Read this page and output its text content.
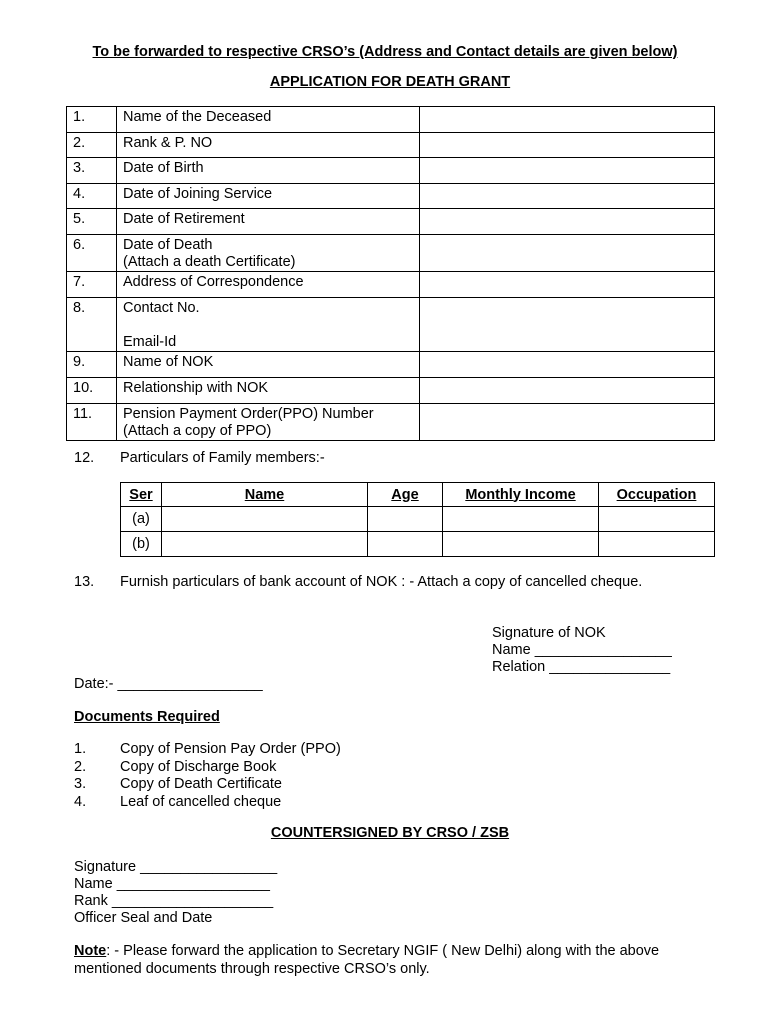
To be forwarded to respective CRSO’s (Address and Contact details are given below)
APPLICATION FOR DEATH GRANT
1.	Name of the Deceased	

2.	Rank & P. NO	

3.	Date of Birth	

4.	Date of Joining Service	

5.	Date of Retirement	

6.	Date of Death
(Attach a death Certificate)	

7.	Address of Correspondence	

8.	Contact No.
Email-Id	

9.	Name of NOK	

10.	Relationship with NOK	

11.	Pension Payment Order(PPO) Number
(Attach a copy of PPO)	

12. Particulars of Family members:-
Ser	Name	Age	Monthly Income	Occupation
(a)				
(b)				
13. Furnish particulars of bank account of NOK : - Attach a copy of cancelled cheque.
Signature of NOK
Name _________________
Relation _______________
Date:- __________________
Documents Required
1.	Copy of Pension Pay Order (PPO)
2.	Copy of Discharge Book
3.	Copy of Death Certificate
4.	Leaf of cancelled cheque
COUNTERSIGNED BY CRSO / ZSB
Signature _________________
Name ___________________
Rank ____________________
Officer Seal and Date
Note: - Please forward the application to Secretary NGIF ( New Delhi) along with the above mentioned documents through respective CRSO’s only.
